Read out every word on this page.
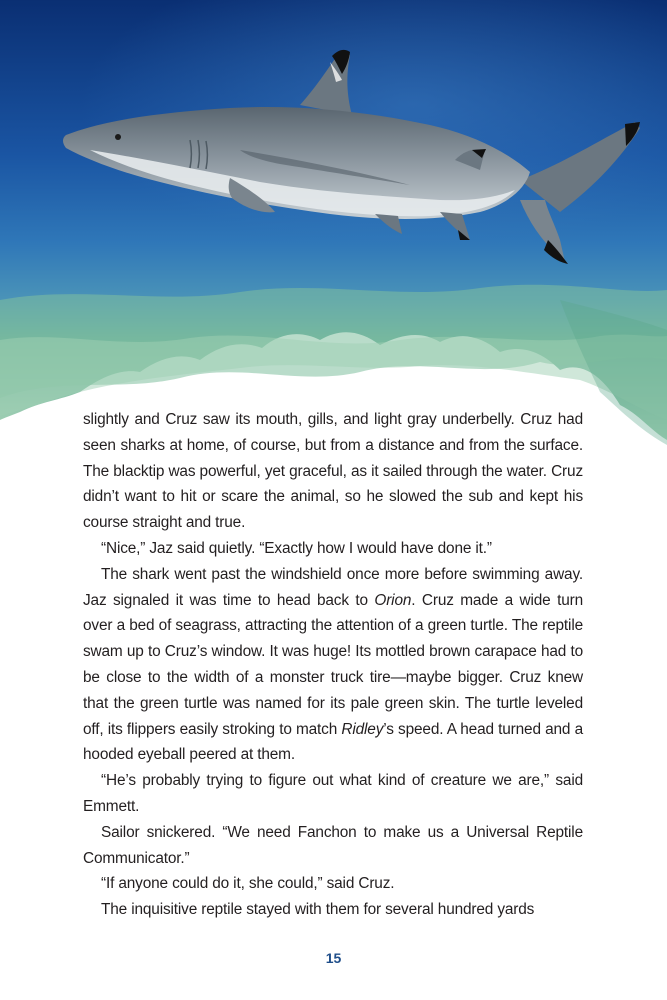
slightly and Cruz saw its mouth, gills, and light gray underbelly. Cruz had seen sharks at home, of course, but from a distance and from the surface. The blacktip was powerful, yet graceful, as it sailed through the water. Cruz didn’t want to hit or scare the animal, so he slowed the sub and kept his course straight and true.

“Nice,” Jaz said quietly. “Exactly how I would have done it.”

The shark went past the windshield once more before swimming away. Jaz signaled it was time to head back to Orion. Cruz made a wide turn over a bed of seagrass, attracting the attention of a green turtle. The reptile swam up to Cruz’s window. It was huge! Its mottled brown carapace had to be close to the width of a monster truck tire—maybe bigger. Cruz knew that the green turtle was named for its pale green skin. The turtle leveled off, its flippers easily stroking to match Ridley’s speed. A head turned and a hooded eyeball peered at them.

“He’s probably trying to figure out what kind of creature we are,” said Emmett.

Sailor snickered. “We need Fanchon to make us a Universal Reptile Communicator.”

“If anyone could do it, she could,” said Cruz.

The inquisitive reptile stayed with them for several hundred yards

15
